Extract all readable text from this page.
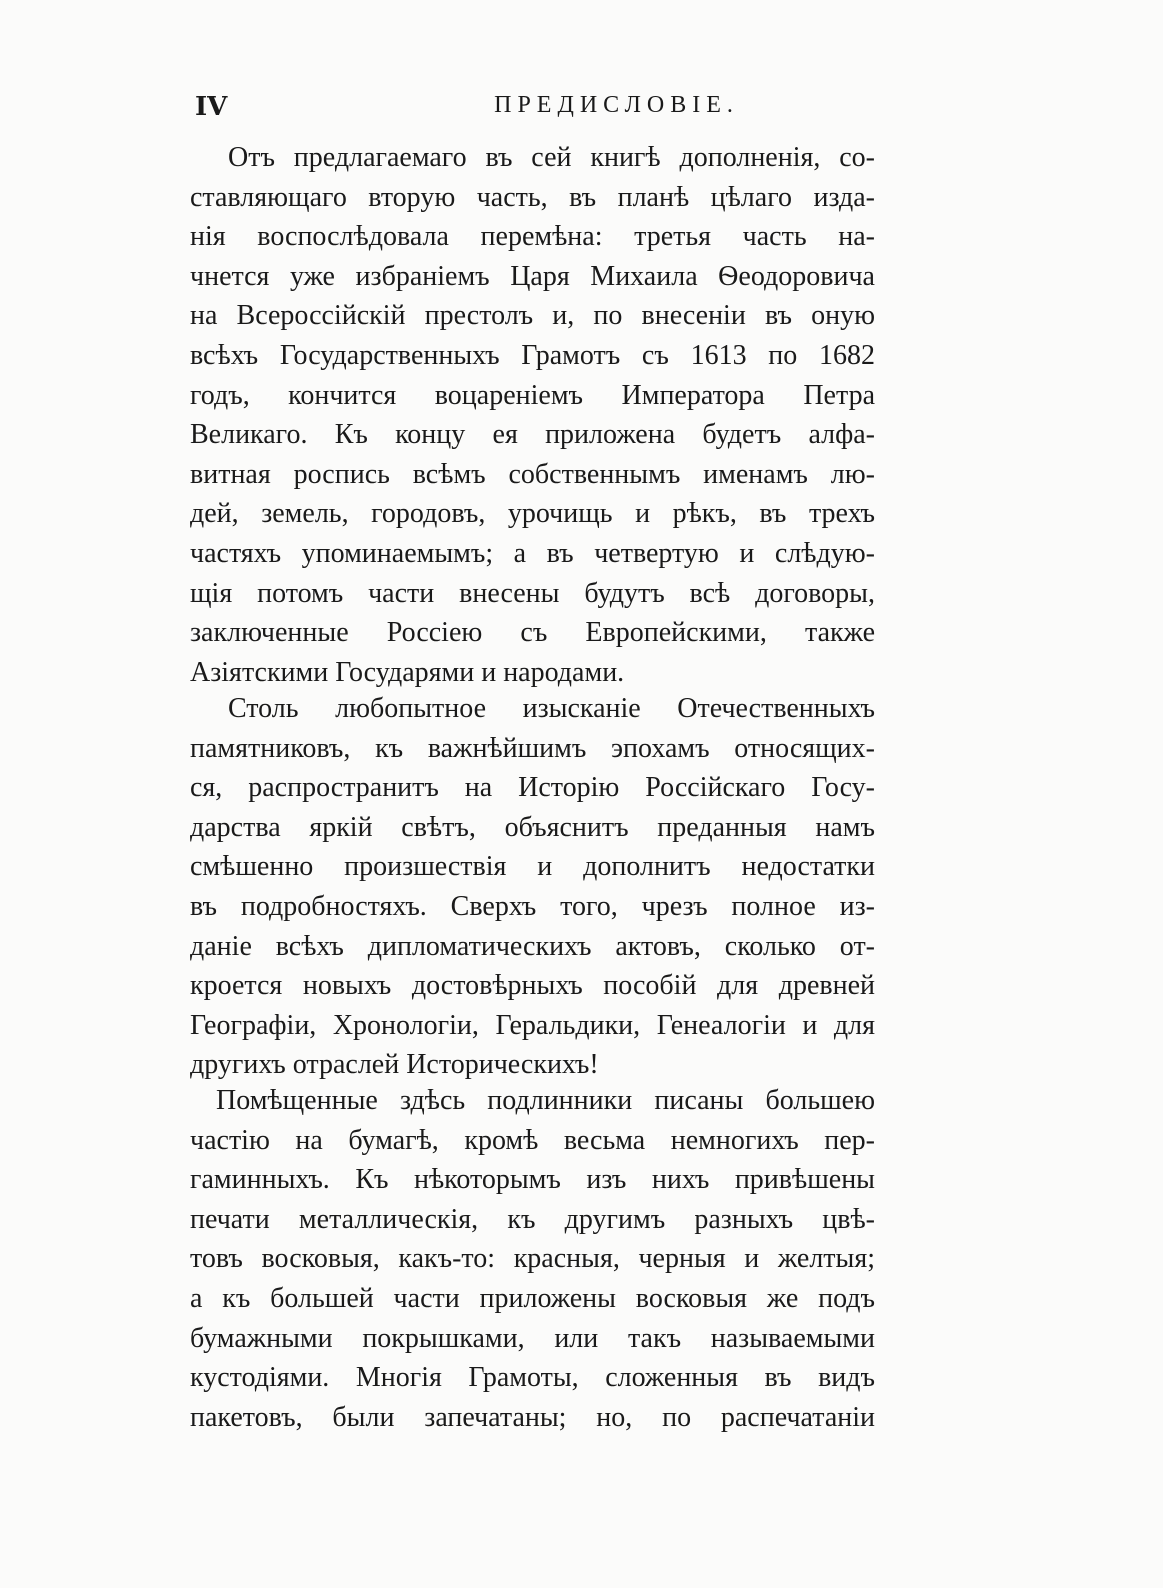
IV	ПРЕДИСЛОВІЕ.
Отъ предлагаемаго въ сей книгѣ дополненія, со-
ставляющаго вторую часть, въ планѣ цѣлаго изда-
нія воспослѣдовала перемѣна: третья часть на-
чнется уже избраніемъ Царя Михаила Ѳеодоровича
на Всероссійскій престолъ и, по внесеніи въ оную
всѣхъ Государственныхъ Грамотъ съ 1613 по 1682
годъ, кончится воцареніемъ Императора Петра
Великаго. Къ концу ея приложена будетъ алфа-
витная роспись всѣмъ собственнымъ именамъ лю-
дей, земель, городовъ, урочищь и рѣкъ, въ трехъ
частяхъ упоминаемымъ; а въ четвертую и слѣдую-
щія потомъ части внесены будутъ всѣ договоры,
заключенные Россіею съ Европейскими, также
Азіятскими Государями и народами.
Столь любопытное изысканіе Отечественныхъ
памятниковъ, къ важнѣйшимъ эпохамъ относящих-
ся, распространитъ на Исторію Россійскаго Госу-
дарства яркій свѣтъ, объяснитъ преданныя намъ
смѣшенно произшествія и дополнитъ недостатки
въ подробностяхъ. Сверхъ того, чрезъ полное из-
даніе всѣхъ дипломатическихъ актовъ, сколько от-
кроется новыхъ достовѣрныхъ пособій для древней
Географіи, Хронологіи, Геральдики, Генеалогіи и для
другихъ отраслей Историческихъ!
Помѣщенные здѣсь подлинники писаны большею
частію на бумагѣ, кромѣ весьма немногихъ пер-
гаминныхъ. Къ нѣкоторымъ изъ нихъ привѣшены
печати металлическія, къ другимъ разныхъ цвѣ-
товъ восковыя, какъ-то: красныя, черныя и желтыя;
а къ большей части приложены восковыя же подъ
бумажными покрышками, или такъ называемыми
кустодіями. Многія Грамоты, сложенныя въ видъ
пакетовъ, были запечатаны; но, по распечатаніи
